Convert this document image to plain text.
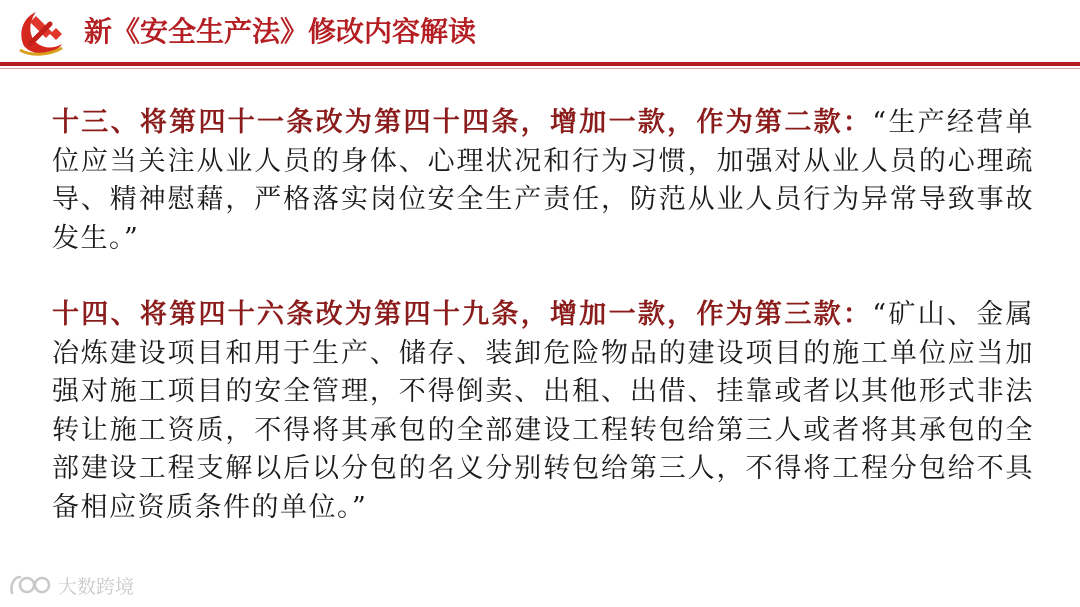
新《安全生产法》修改内容解读

十三、将第四十一条改为第四十四条，增加一款，作为第二款：“生产经营单位应当关注从业人员的身体、心理状况和行为习惯，加强对从业人员的心理疏导、精神慰藉，严格落实岗位安全生产责任，防范从业人员行为异常导致事故发生。”

十四、将第四十六条改为第四十九条，增加一款，作为第三款：“矿山、金属冶炼建设项目和用于生产、储存、装卸危险物品的建设项目的施工单位应当加强对施工项目的安全管理，不得倒卖、出租、出借、挂靠或者以其他形式非法转让施工资质，不得将其承包的全部建设工程转包给第三人或者将其承包的全部建设工程支解以后以分包的名义分别转包给第三人，不得将工程分包给不具备相应资质条件的单位。”

大数跨境
